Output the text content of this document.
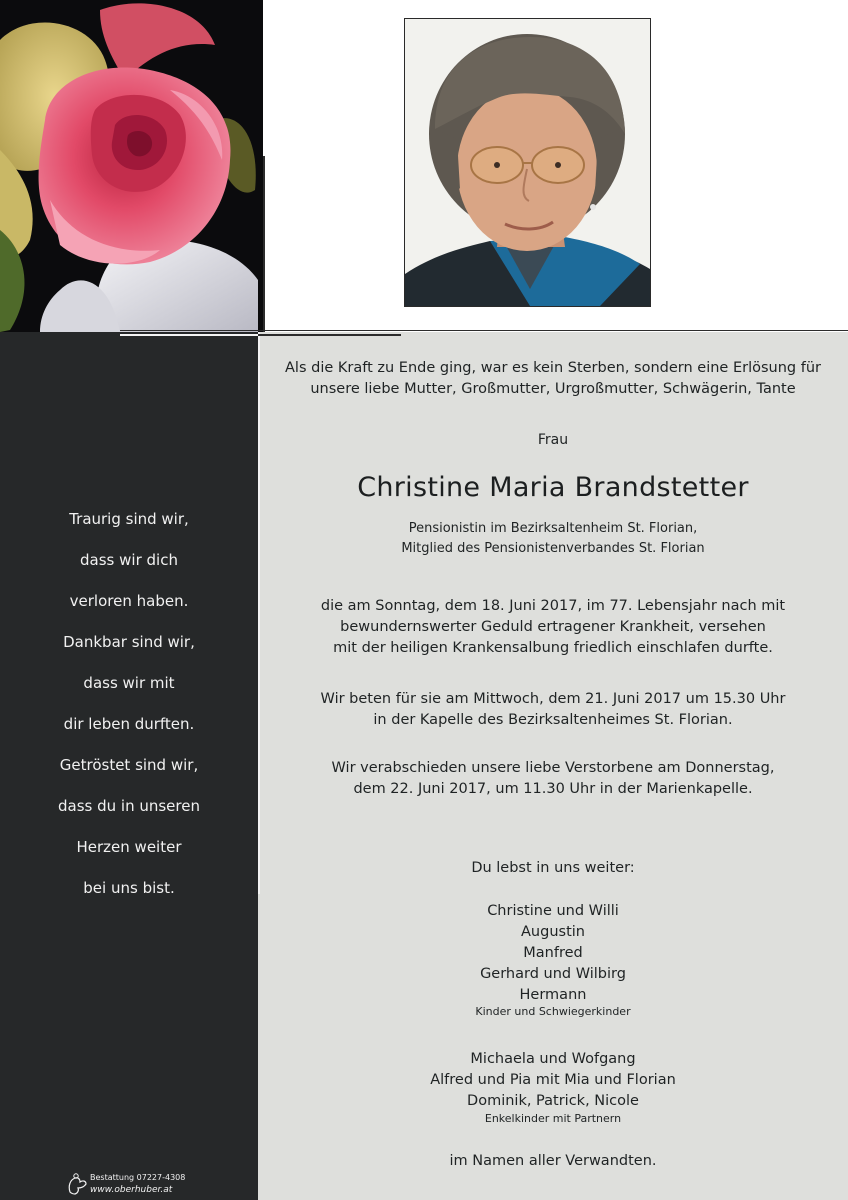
Traurig sind wir,
dass wir dich
verloren haben.
Dankbar sind wir,
dass wir mit
dir leben durften.
Getröstet sind wir,
dass du in unseren
Herzen weiter
bei uns bist.
Als die Kraft zu Ende ging, war es kein Sterben, sondern eine Erlösung für
unsere liebe Mutter, Großmutter, Urgroßmutter, Schwägerin, Tante
Frau
Christine Maria Brandstetter
Pensionistin im Bezirksaltenheim St. Florian,
Mitglied des Pensionistenverbandes St. Florian
die am Sonntag, dem 18. Juni 2017, im 77. Lebensjahr nach mit
bewundernswerter Geduld ertragener Krankheit, versehen
mit der heiligen Krankensalbung friedlich einschlafen durfte.
Wir beten für sie am Mittwoch, dem 21. Juni 2017 um 15.30 Uhr
in der Kapelle des Bezirksaltenheimes St. Florian.
Wir verabschieden unsere liebe Verstorbene am Donnerstag,
dem 22. Juni 2017, um 11.30 Uhr in der Marienkapelle.
Du lebst in uns weiter:

Christine und Willi

Augustin

Manfred

Gerhard und Wilbirg

Hermann

Kinder und Schwiegerkinder

Michaela und Wofgang

Alfred und Pia mit Mia und Florian

Dominik, Patrick, Nicole

Enkelkinder mit Partnern
im Namen aller Verwandten.
Bestattung 07227-4308
www.oberhuber.at
